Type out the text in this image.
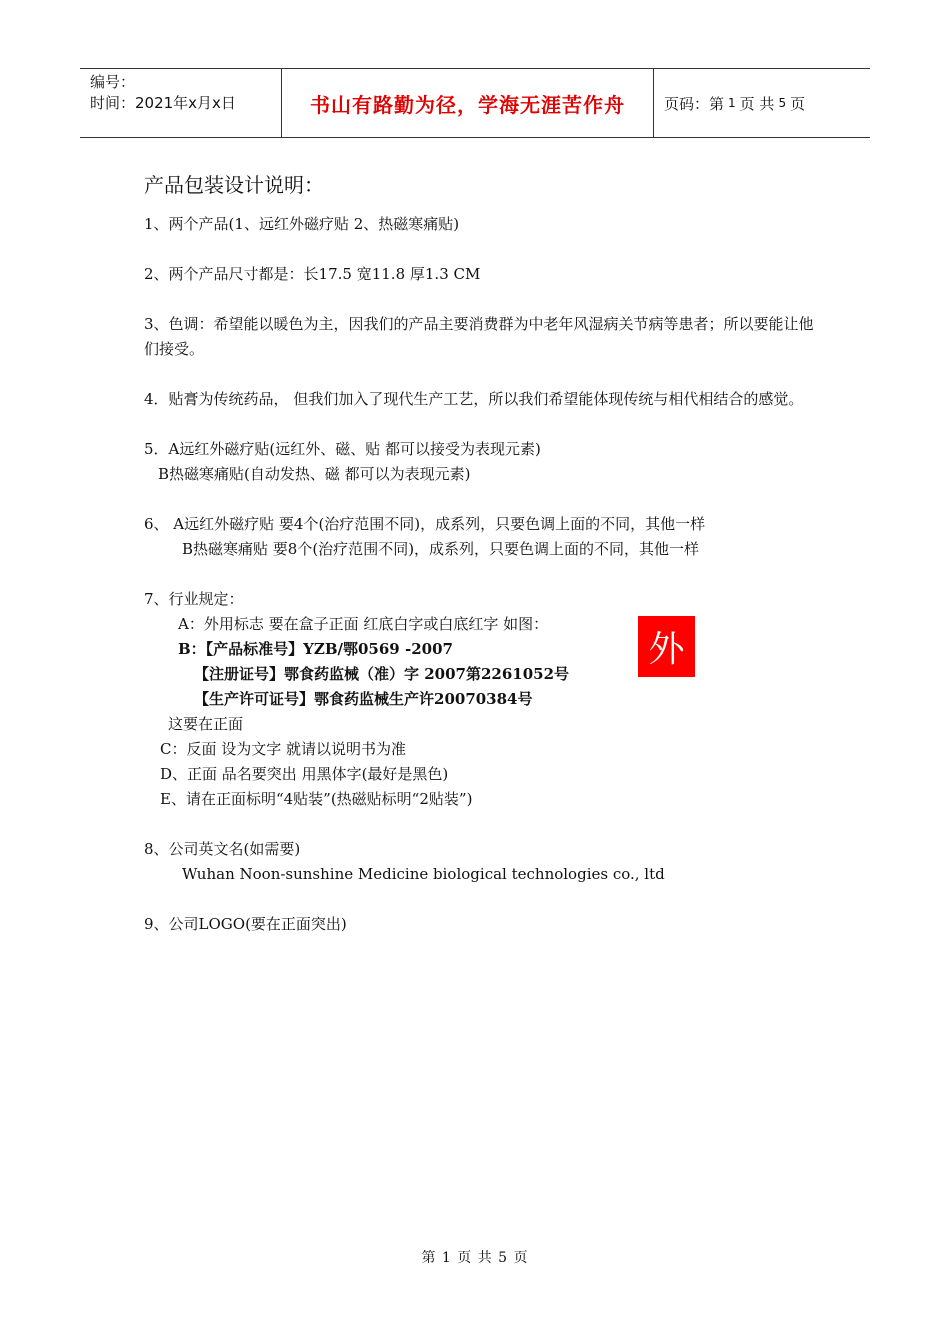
编号：
时间：2021年x月x日	书山有路勤为径，学海无涯苦作舟	页码：第 1 页 共 5 页
产品包装设计说明：
1、两个产品(1、远红外磁疗贴 2、热磁寒痛贴)
2、两个产品尺寸都是：长17.5 宽11.8 厚1.3 CM
3、色调：希望能以暖色为主，因我们的产品主要消费群为中老年风湿病关节病等患者；所以要能让他们接受。
4．贴膏为传统药品， 但我们加入了现代生产工艺，所以我们希望能体现传统与相代相结合的感觉。
5．A远红外磁疗贴(远红外、磁、贴 都可以接受为表现元素)
B热磁寒痛贴(自动发热、磁 都可以为表现元素)
6、 A远红外磁疗贴 要4个(治疗范围不同)，成系列，只要色调上面的不同，其他一样
B热磁寒痛贴 要8个(治疗范围不同)，成系列，只要色调上面的不同，其他一样
7、行业规定：
A：外用标志 要在盒子正面 红底白字或白底红字 如图：
B：【产品标准号】YZB/鄂0569 -2007
【注册证号】鄂食药监械（准）字 2007第2261052号
【生产许可证号】鄂食药监械生产许20070384号
这要在正面
C：反面 设为文字 就请以说明书为准
D、正面 品名要突出 用黑体字(最好是黑色)
E、请在正面标明“4贴装”(热磁贴标明“2贴装”)
8、公司英文名(如需要)
Wuhan Noon-sunshine Medicine biological technologies co., ltd
9、公司LOGO(要在正面突出)
外
第 1 页 共 5 页
